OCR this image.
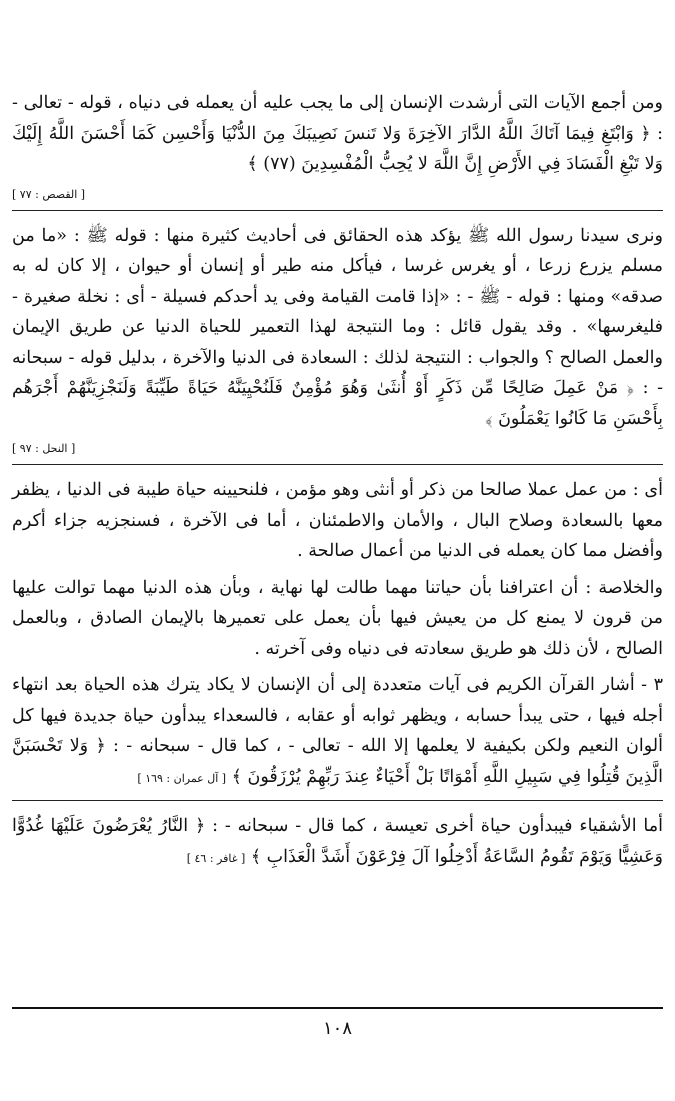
ومن أجمع الآيات التى أرشدت الإنسان إلى ما يجب عليه أن يعمله فى دنياه ، قوله - تعالى - : ﴿ وَابْتَغِ فِيمَا آتَاكَ اللَّهُ الدَّارَ الآخِرَةَ وَلا تَنسَ نَصِيبَكَ مِنَ الدُّنْيَا وَأَحْسِن كَمَا أَحْسَنَ اللَّهُ إِلَيْكَ وَلا تَبْغِ الْفَسَادَ فِي الأَرْضِ إِنَّ اللَّهَ لا يُحِبُّ الْمُفْسِدِينَ (٧٧) ﴾

[ القصص : ٧٧ ]

ونرى سيدنا رسول الله ﷺ يؤكد هذه الحقائق فى أحاديث كثيرة منها : قوله ﷺ : «ما من مسلم يزرع زرعا ، أو يغرس غرسا ، فيأكل منه طير أو إنسان أو حيوان ، إلا كان له به صدقه» ومنها : قوله - ﷺ - : «إذا قامت القيامة وفى يد أحدكم فسيلة - أى : نخلة صغيرة - فليغرسها» . وقد يقول قائل : وما النتيجة لهذا التعمير للحياة الدنيا عن طريق الإيمان والعمل الصالح ؟ والجواب : النتيجة لذلك : السعادة فى الدنيا والآخرة ، بدليل قوله - سبحانه - : ﴿ مَنْ عَمِلَ صَالِحًا مِّن ذَكَرٍ أَوْ أُنثَىٰ وَهُوَ مُؤْمِنٌ فَلَنُحْيِيَنَّهُ حَيَاةً طَيِّبَةً وَلَنَجْزِيَنَّهُمْ أَجْرَهُم بِأَحْسَنِ مَا كَانُوا يَعْمَلُونَ ﴾

[ النحل : ٩٧ ]

أى : من عمل عملا صالحا من ذكر أو أنثى وهو مؤمن ، فلنحيينه حياة طيبة فى الدنيا ، يظفر معها بالسعادة وصلاح البال ، والأمان والاطمئنان ، أما فى الآخرة ، فسنجزيه جزاء أكرم وأفضل مما كان يعمله فى الدنيا من أعمال صالحة .

والخلاصة : أن اعترافنا بأن حياتنا مهما طالت لها نهاية ، وبأن هذه الدنيا مهما توالت عليها من قرون لا يمنع كل من يعيش فيها بأن يعمل على تعميرها بالإيمان الصادق ، وبالعمل الصالح ، لأن ذلك هو طريق سعادته فى دنياه وفى آخرته .

٣ - أشار القرآن الكريم فى آيات متعددة إلى أن الإنسان لا يكاد يترك هذه الحياة بعد انتهاء أجله فيها ، حتى يبدأ حسابه ، ويظهر ثوابه أو عقابه ، فالسعداء يبدأون حياة جديدة فيها كل ألوان النعيم ولكن بكيفية لا يعلمها إلا الله - تعالى - ، كما قال - سبحانه - : ﴿ وَلا تَحْسَبَنَّ الَّذِينَ قُتِلُوا فِي سَبِيلِ اللَّهِ أَمْوَاتًا بَلْ أَحْيَاءٌ عِندَ رَبِّهِمْ يُرْزَقُونَ ﴾ [ آل عمران : ١٦٩ ]

أما الأشقياء فيبدأون حياة أخرى تعيسة ، كما قال - سبحانه - : ﴿ النَّارُ يُعْرَضُونَ عَلَيْهَا غُدُوًّا وَعَشِيًّا وَيَوْمَ تَقُومُ السَّاعَةُ أَدْخِلُوا آلَ فِرْعَوْنَ أَشَدَّ الْعَذَابِ ﴾ [ غافر : ٤٦ ]

١٠٨
